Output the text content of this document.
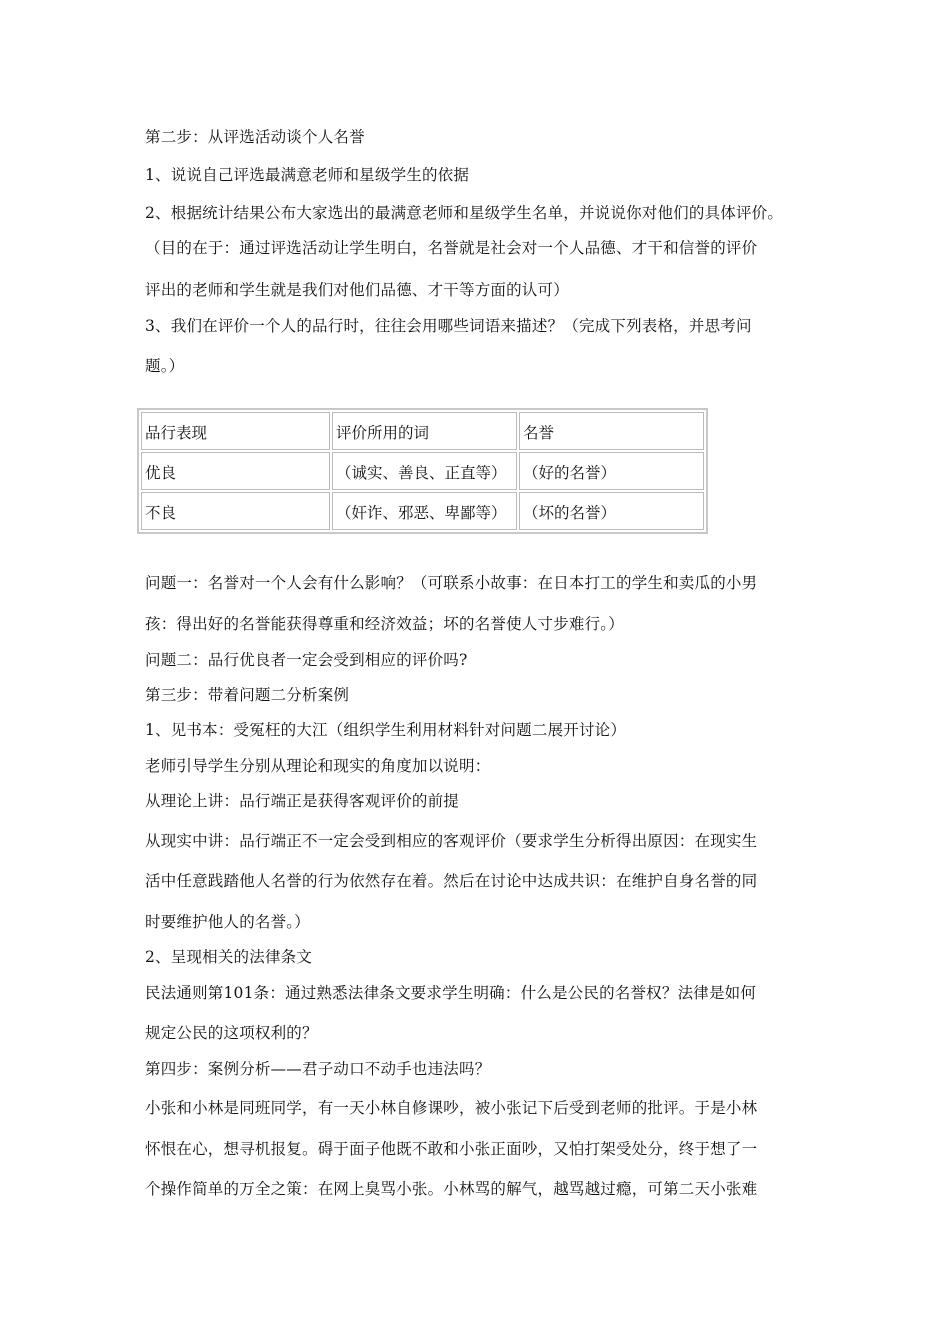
第二步：从评选活动谈个人名誉
1、说说自己评选最满意老师和星级学生的依据
2、根据统计结果公布大家选出的最满意老师和星级学生名单，并说说你对他们的具体评价。
（目的在于：通过评选活动让学生明白，名誉就是社会对一个人品德、才干和信誉的评价
评出的老师和学生就是我们对他们品德、才干等方面的认可）
3、我们在评价一个人的品行时，往往会用哪些词语来描述？（完成下列表格，并思考问
题。）
品行表现	评价所用的词	名誉
优良	（诚实、善良、正直等）	（好的名誉）
不良	（奸诈、邪恶、卑鄙等）	（坏的名誉）
问题一：名誉对一个人会有什么影响？（可联系小故事：在日本打工的学生和卖瓜的小男
孩：得出好的名誉能获得尊重和经济效益；坏的名誉使人寸步难行。）
问题二：品行优良者一定会受到相应的评价吗?
第三步：带着问题二分析案例
1、见书本：受冤枉的大江（组织学生利用材料针对问题二展开讨论）
老师引导学生分别从理论和现实的角度加以说明：
从理论上讲：品行端正是获得客观评价的前提
从现实中讲：品行端正不一定会受到相应的客观评价（要求学生分析得出原因：在现实生
活中任意践踏他人名誉的行为依然存在着。然后在讨论中达成共识：在维护自身名誉的同
时要维护他人的名誉。）
2、呈现相关的法律条文
民法通则第101条：通过熟悉法律条文要求学生明确：什么是公民的名誉权？法律是如何
规定公民的这项权利的？
第四步：案例分析——君子动口不动手也违法吗？
小张和小林是同班同学，有一天小林自修课吵，被小张记下后受到老师的批评。于是小林
怀恨在心，想寻机报复。碍于面子他既不敢和小张正面吵，又怕打架受处分，终于想了一
个操作简单的万全之策：在网上臭骂小张。小林骂的解气，越骂越过瘾，可第二天小张难
